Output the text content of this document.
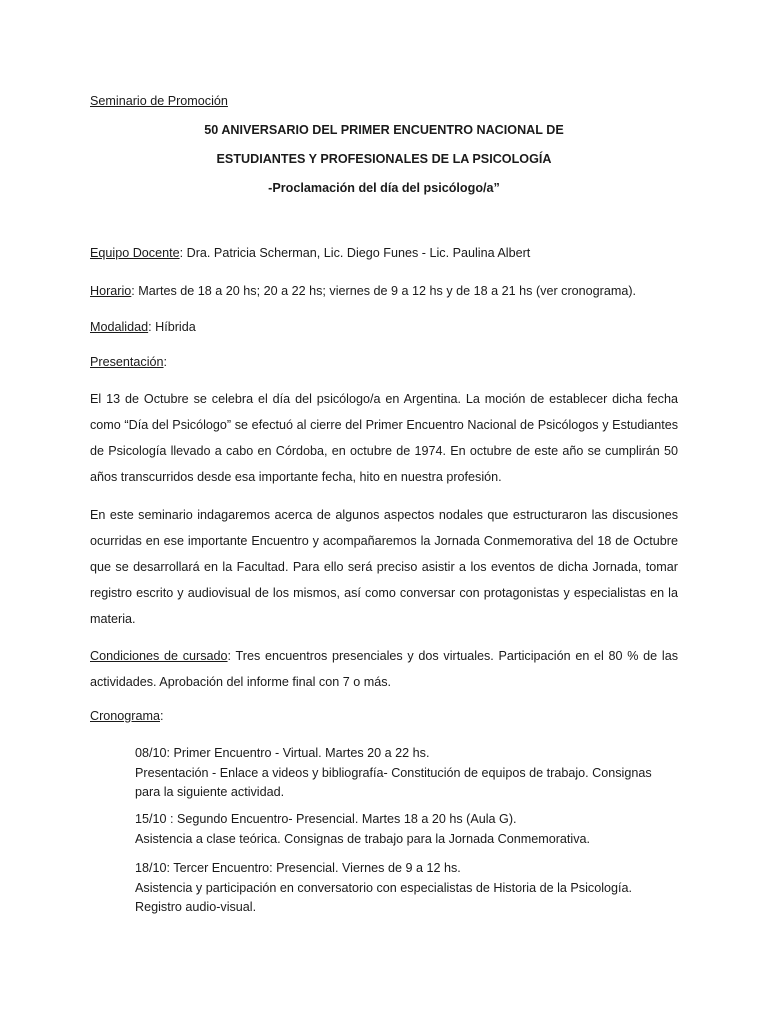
Seminario de Promoción
50 ANIVERSARIO DEL PRIMER ENCUENTRO NACIONAL DE
ESTUDIANTES Y PROFESIONALES DE LA PSICOLOGÍA
-Proclamación del día del psicólogo/a”
Equipo Docente: Dra. Patricia Scherman, Lic. Diego Funes - Lic. Paulina Albert
Horario: Martes de 18 a 20 hs; 20 a 22 hs; viernes de 9 a 12 hs y de 18 a 21 hs (ver cronograma).
Modalidad: Híbrida
Presentación:
El 13 de Octubre se celebra el día del psicólogo/a en Argentina. La moción de establecer dicha fecha como “Día del Psicólogo” se efectuó al cierre del Primer Encuentro Nacional de Psicólogos y Estudiantes de Psicología llevado a cabo en Córdoba, en octubre de 1974. En octubre de este año se cumplirán 50 años transcurridos desde esa importante fecha, hito en nuestra profesión.
En este seminario indagaremos acerca de algunos aspectos nodales que estructuraron las discusiones ocurridas en ese importante Encuentro y acompañaremos la Jornada Conmemorativa del 18 de Octubre que se desarrollará en la Facultad. Para ello será preciso asistir a los eventos de dicha Jornada, tomar registro escrito y audiovisual de los mismos, así como conversar con protagonistas y especialistas en la materia.
Condiciones de cursado: Tres encuentros presenciales y dos virtuales. Participación en el 80 % de las actividades. Aprobación del informe final con 7 o más.
Cronograma:
08/10: Primer Encuentro - Virtual. Martes 20 a 22 hs.
Presentación - Enlace a videos y bibliografía- Constitución de equipos de trabajo. Consignas para la siguiente actividad.
15/10 : Segundo Encuentro- Presencial. Martes 18 a 20 hs (Aula G).
Asistencia a clase teórica. Consignas de trabajo para la Jornada Conmemorativa.
18/10: Tercer Encuentro: Presencial. Viernes de 9 a 12 hs.
Asistencia y participación en conversatorio con especialistas de Historia de la Psicología. Registro audio-visual.
